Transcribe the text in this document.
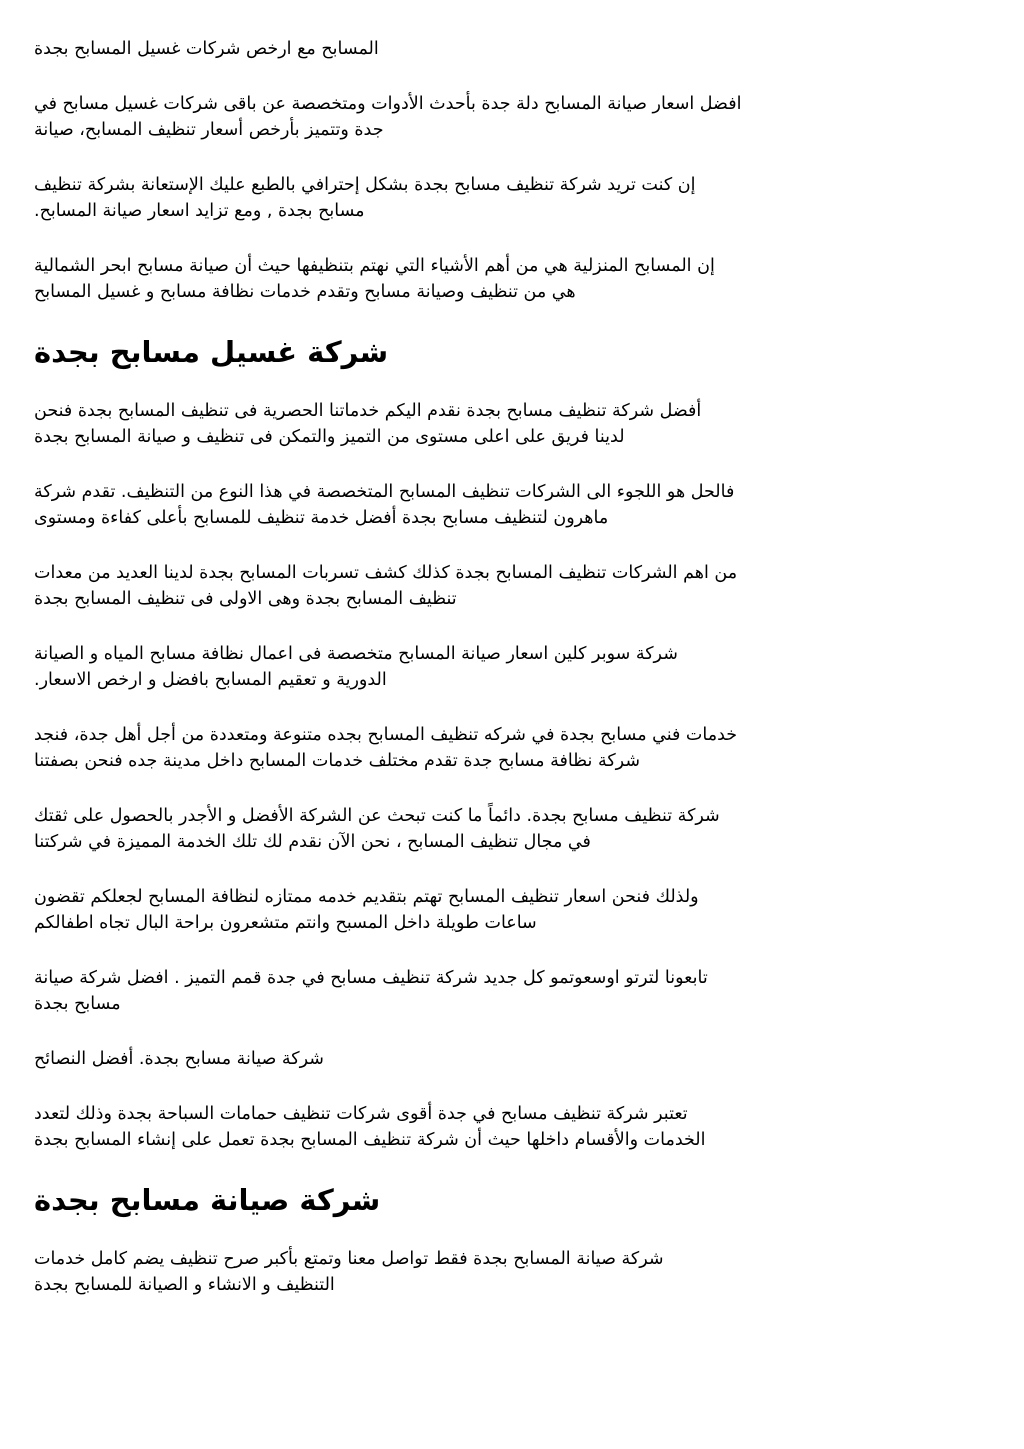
المسابح مع ارخص شركات غسيل المسابح بجدة
افضل اسعار صيانة المسابح دلة جدة بأحدث الأدوات ومتخصصة عن باقى شركات غسيل مسابح في
جدة وتتميز بأرخص أسعار تنظيف المسابح، صيانة
إن كنت تريد شركة تنظيف مسابح بجدة بشكل إحترافي بالطبع عليك الإستعانة بشركة تنظيف
مسابح بجدة , ومع تزايد اسعار صيانة المسابح.
إن المسابح المنزلية هي من أهم الأشياء التي نهتم بتنظيفها حيث أن صيانة مسابح ابحر الشمالية
هي من تنظيف وصيانة مسابح وتقدم خدمات نظافة مسابح و غسيل المسابح
شركة غسيل مسابح بجدة
أفضل شركة تنظيف مسابح بجدة نقدم اليكم خدماتنا الحصرية فى تنظيف المسابح بجدة فنحن
لدينا فريق على اعلى مستوى من التميز والتمكن فى تنظيف و صيانة المسابح بجدة
فالحل هو اللجوء الى الشركات تنظيف المسابح المتخصصة في هذا النوع من التنظيف. تقدم شركة
ماهرون لتنظيف مسابح بجدة أفضل خدمة تنظيف للمسابح بأعلى كفاءة ومستوى
من اهم الشركات تنظيف المسابح بجدة كذلك كشف تسربات المسابح بجدة لدينا العديد من معدات
تنظيف المسابح بجدة وهى الاولى فى تنظيف المسابح بجدة
شركة سوبر كلين اسعار صيانة المسابح متخصصة فى اعمال نظافة مسابح المياه و الصيانة
الدورية و تعقيم المسابح بافضل و ارخص الاسعار.
خدمات فني مسابح بجدة في شركه تنظيف المسابح بجده متنوعة ومتعددة من أجل أهل جدة، فنجد
شركة نظافة مسابح جدة تقدم مختلف خدمات المسابح داخل مدينة جده فنحن بصفتنا
شركة تنظيف مسابح بجدة. دائماً ما كنت تبحث عن الشركة الأفضل و الأجدر بالحصول على ثقتك
في مجال تنظيف المسابح ، نحن الآن نقدم لك تلك الخدمة المميزة في شركتنا
ولذلك فنحن اسعار تنظيف المسابح تهتم بتقديم خدمه ممتازه لنظافة المسابح لجعلكم تقضون
ساعات طويلة داخل المسبح وانتم متشعرون براحة البال تجاه اطفالكم
تابعونا لترتو اوسعوتمو كل جديد شركة تنظيف مسابح في جدة قمم التميز . افضل شركة صيانة
مسابح بجدة
شركة صيانة مسابح بجدة. أفضل النصائح
تعتبر شركة تنظيف مسابح في جدة أقوى شركات تنظيف حمامات السباحة بجدة وذلك لتعدد
الخدمات والأقسام داخلها حيث أن شركة تنظيف المسابح بجدة تعمل على إنشاء المسابح بجدة
شركة صيانة مسابح بجدة
شركة صيانة المسابح بجدة فقط تواصل معنا وتمتع بأكبر صرح تنظيف يضم كامل خدمات
التنظيف و الانشاء و الصيانة للمسابح بجدة
